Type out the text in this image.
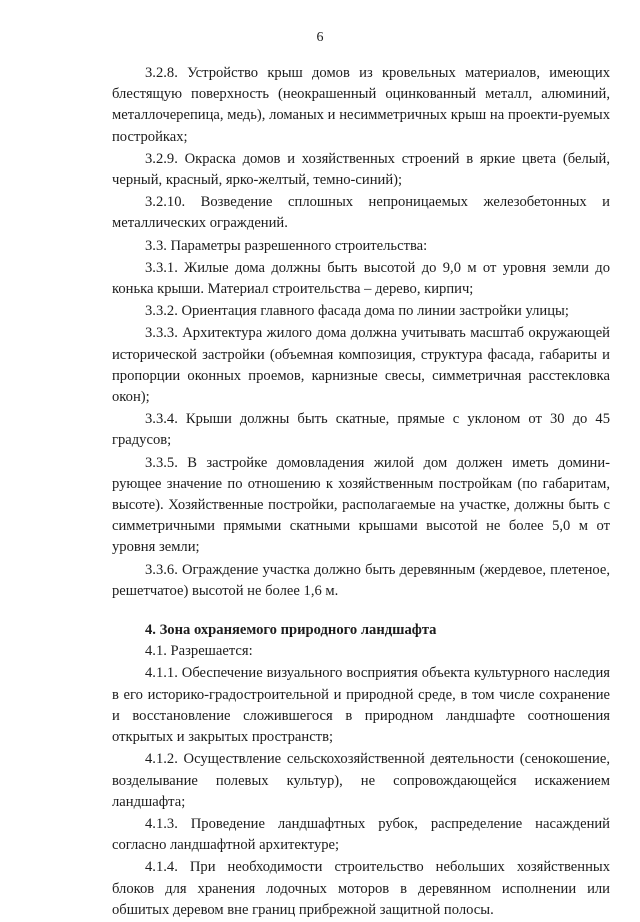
6

3.2.8. Устройство крыш домов из кровельных материалов, имеющих блестящую поверхность (неокрашенный оцинкованный металл, алюминий, металлочерепица, медь), ломаных и несимметричных крыш на проекти-руемых постройках;

3.2.9. Окраска домов и хозяйственных строений в яркие цвета (белый, черный, красный, ярко-желтый, темно-синий);

3.2.10. Возведение сплошных непроницаемых железобетонных и металлических ограждений.

3.3. Параметры разрешенного строительства:

3.3.1. Жилые дома должны быть высотой до 9,0 м от уровня земли до конька крыши. Материал строительства – дерево, кирпич;

3.3.2. Ориентация главного фасада дома по линии застройки улицы;

3.3.3. Архитектура жилого дома должна учитывать масштаб окружающей исторической застройки (объемная композиция, структура фасада, габариты и пропорции оконных проемов, карнизные свесы, симметричная расстекловка окон);

3.3.4. Крыши должны быть скатные, прямые с уклоном от 30 до 45 градусов;

3.3.5. В застройке домовладения жилой дом должен иметь домини-рующее значение по отношению к хозяйственным постройкам (по габаритам, высоте). Хозяйственные постройки, располагаемые на участке, должны быть с симметричными прямыми скатными крышами высотой не более 5,0 м от уровня земли;

3.3.6. Ограждение участка должно быть деревянным (жердевое, плетеное, решетчатое) высотой не более 1,6 м.

4. Зона охраняемого природного ландшафта

4.1. Разрешается:

4.1.1. Обеспечение визуального восприятия объекта культурного наследия в его историко-градостроительной и природной среде, в том числе сохранение и восстановление сложившегося в природном ландшафте соотношения открытых и закрытых пространств;

4.1.2. Осуществление сельскохозяйственной деятельности (сенокошение, возделывание полевых культур), не сопровождающейся искажением ландшафта;

4.1.3. Проведение ландшафтных рубок, распределение насаждений согласно ландшафтной архитектуре;

4.1.4. При необходимости строительство небольших хозяйственных блоков для хранения лодочных моторов в деревянном исполнении или обшитых деревом вне границ прибрежной защитной полосы.
